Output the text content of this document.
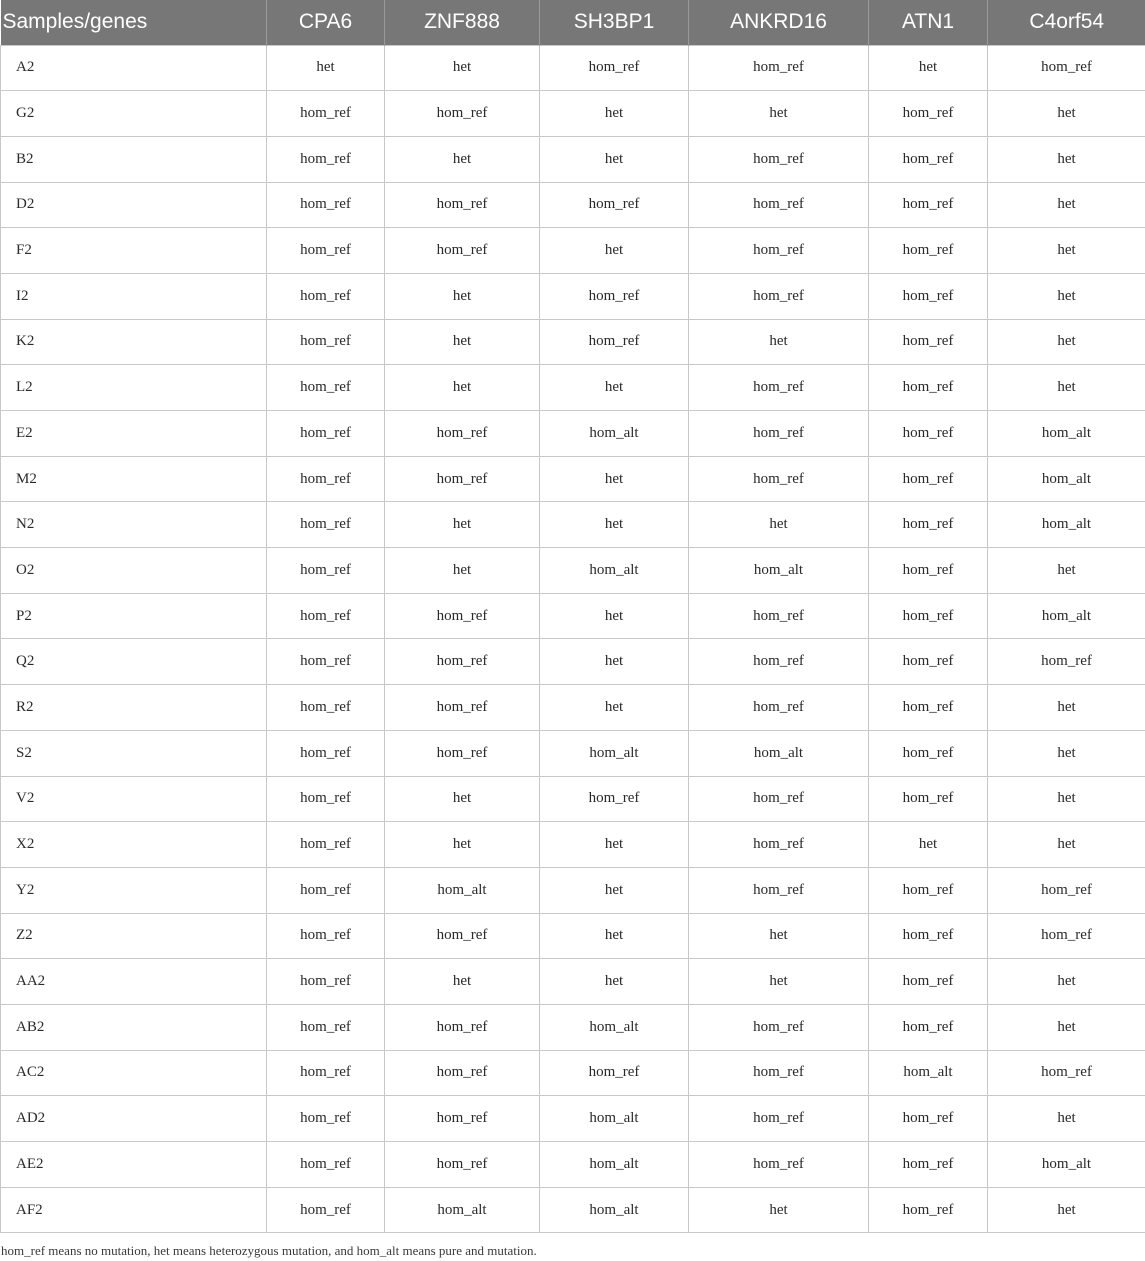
Samples/genes	CPA6	ZNF888	SH3BP1	ANKRD16	ATN1	C4orf54
A2	het	het	hom_ref	hom_ref	het	hom_ref
G2	hom_ref	hom_ref	het	het	hom_ref	het
B2	hom_ref	het	het	hom_ref	hom_ref	het
D2	hom_ref	hom_ref	hom_ref	hom_ref	hom_ref	het
F2	hom_ref	hom_ref	het	hom_ref	hom_ref	het
I2	hom_ref	het	hom_ref	hom_ref	hom_ref	het
K2	hom_ref	het	hom_ref	het	hom_ref	het
L2	hom_ref	het	het	hom_ref	hom_ref	het
E2	hom_ref	hom_ref	hom_alt	hom_ref	hom_ref	hom_alt
M2	hom_ref	hom_ref	het	hom_ref	hom_ref	hom_alt
N2	hom_ref	het	het	het	hom_ref	hom_alt
O2	hom_ref	het	hom_alt	hom_alt	hom_ref	het
P2	hom_ref	hom_ref	het	hom_ref	hom_ref	hom_alt
Q2	hom_ref	hom_ref	het	hom_ref	hom_ref	hom_ref
R2	hom_ref	hom_ref	het	hom_ref	hom_ref	het
S2	hom_ref	hom_ref	hom_alt	hom_alt	hom_ref	het
V2	hom_ref	het	hom_ref	hom_ref	hom_ref	het
X2	hom_ref	het	het	hom_ref	het	het
Y2	hom_ref	hom_alt	het	hom_ref	hom_ref	hom_ref
Z2	hom_ref	hom_ref	het	het	hom_ref	hom_ref
AA2	hom_ref	het	het	het	hom_ref	het
AB2	hom_ref	hom_ref	hom_alt	hom_ref	hom_ref	het
AC2	hom_ref	hom_ref	hom_ref	hom_ref	hom_alt	hom_ref
AD2	hom_ref	hom_ref	hom_alt	hom_ref	hom_ref	het
AE2	hom_ref	hom_ref	hom_alt	hom_ref	hom_ref	hom_alt
AF2	hom_ref	hom_alt	hom_alt	het	hom_ref	het
hom_ref means no mutation, het means heterozygous mutation, and hom_alt means pure and mutation.
